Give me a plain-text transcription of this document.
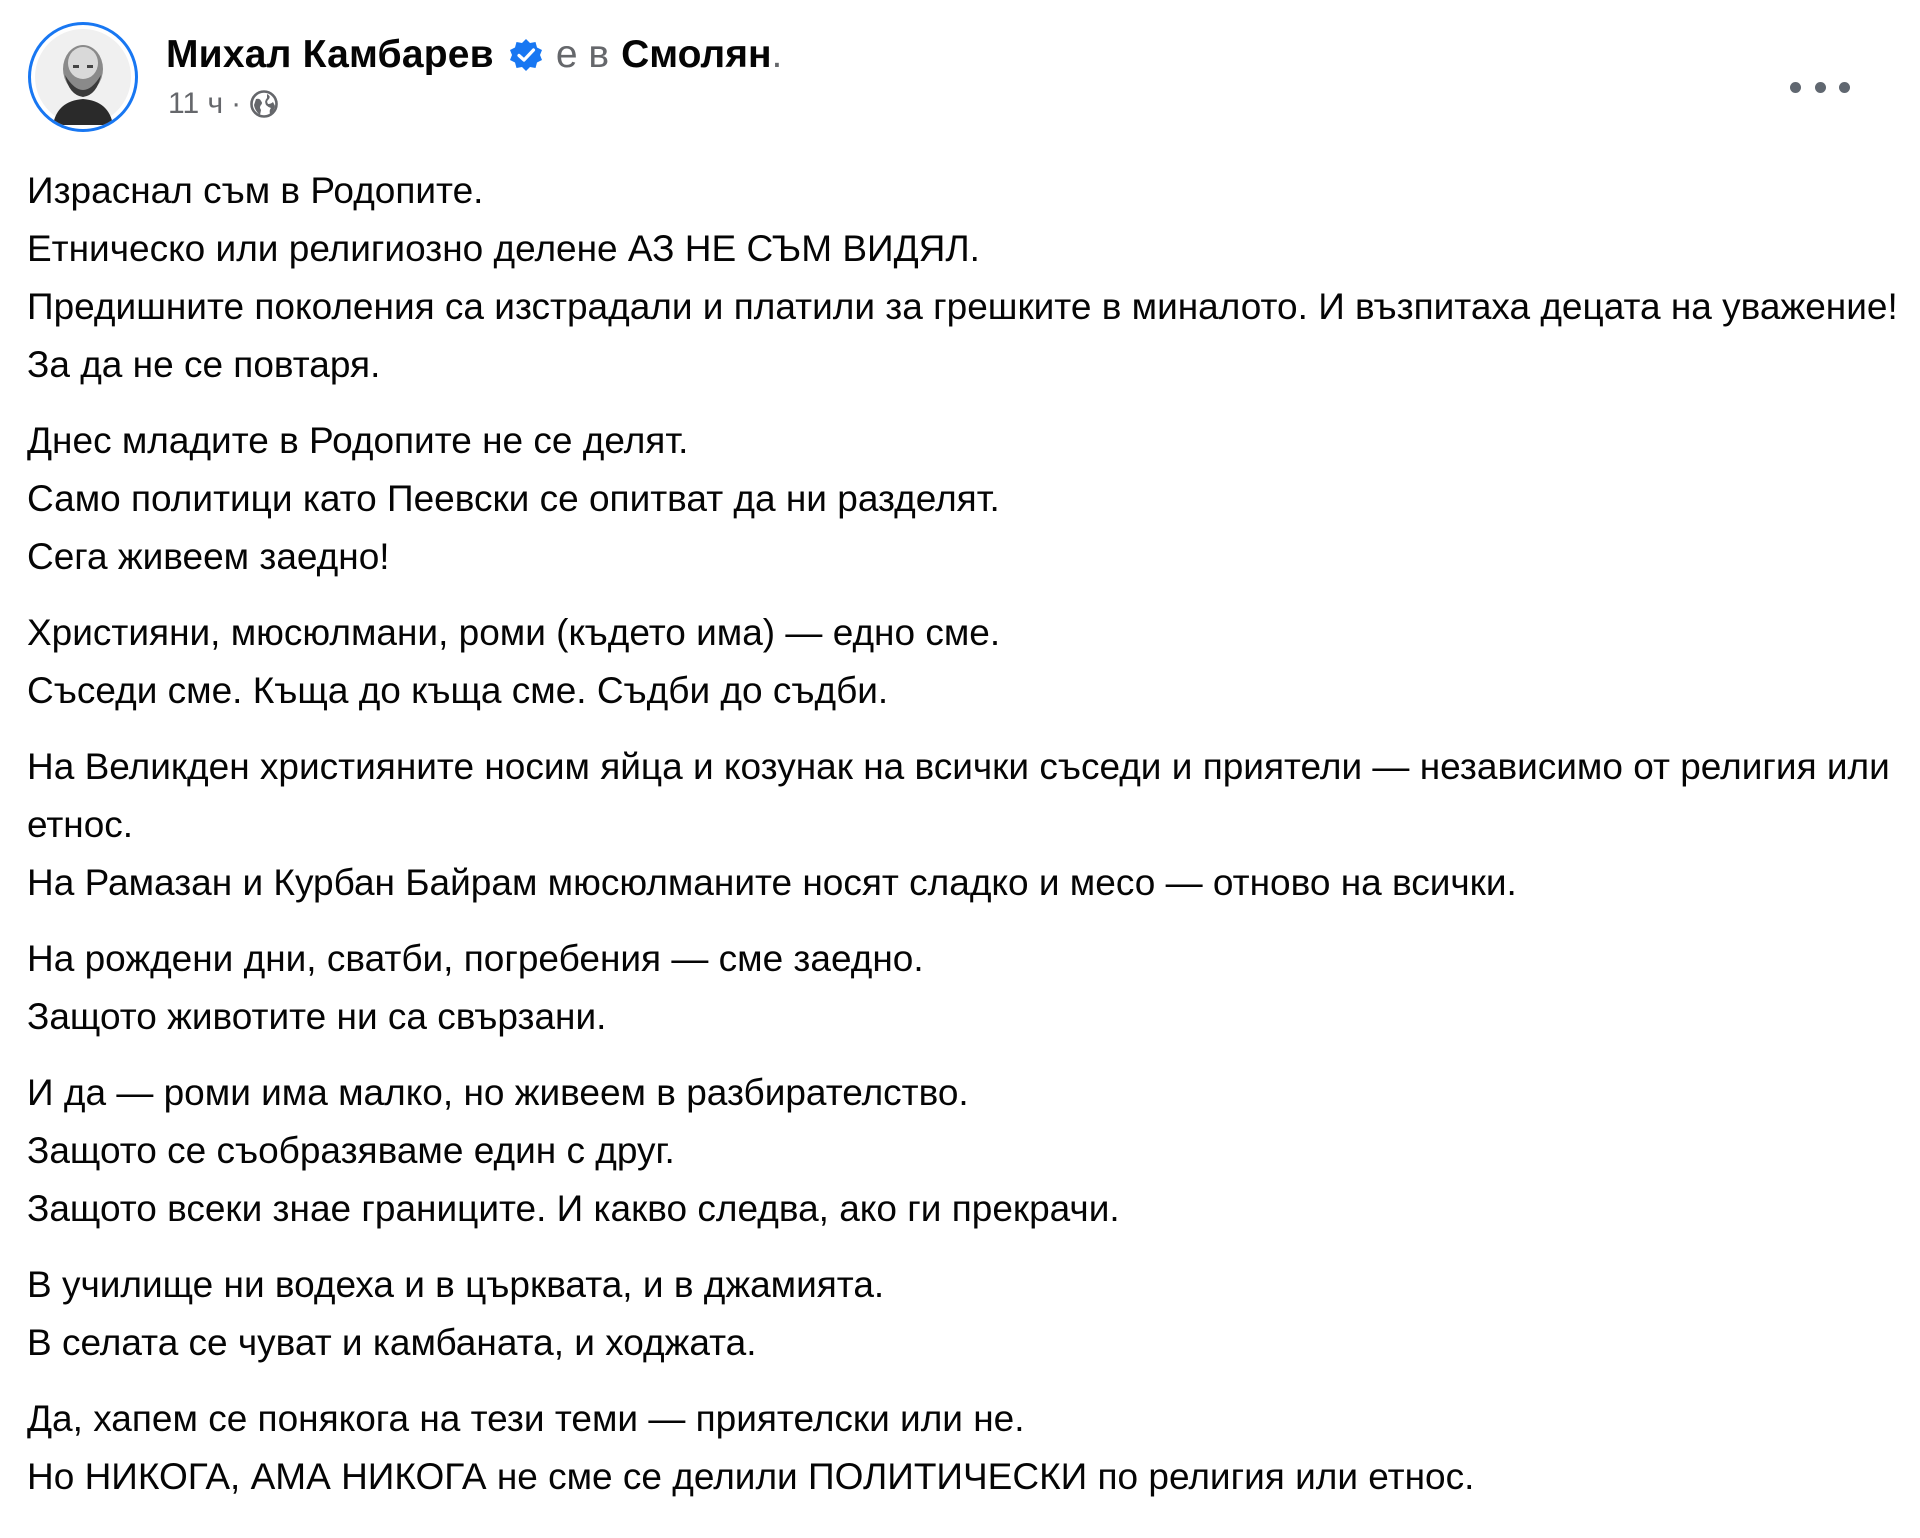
Михал Камбарев е в Смолян .
11 ч ·
Израснал съм в Родопите.
Етническо или религиозно делене АЗ НЕ СЪМ ВИДЯЛ.
Предишните поколения са изстрадали и платили за грешките в миналото. И възпитаха децата на уважение! За да не се повтаря.
Днес младите в Родопите не се делят.
Само политици като Пеевски се опитват да ни разделят.
Сега живеем заедно!
Християни, мюсюлмани, роми (където има) — едно сме.
Съседи сме. Къща до къща сме. Съдби до съдби.
На Великден християните носим яйца и козунак на всички съседи и приятели — независимо от религия или етнос.
На Рамазан и Курбан Байрам мюсюлманите носят сладко и месо — отново на всички.
На рождени дни, сватби, погребения — сме заедно.
Защото животите ни са свързани.
И да — роми има малко, но живеем в разбирателство.
Защото се съобразяваме един с друг.
Защото всеки знае границите. И какво следва, ако ги прекрачи.
В училище ни водеха и в църквата, и в джамията.
В селата се чуват и камбаната, и ходжата.
Да, хапем се понякога на тези теми — приятелски или не.
Но НИКОГА, АМА НИКОГА не сме се делили ПОЛИТИЧЕСКИ по религия или етнос.
